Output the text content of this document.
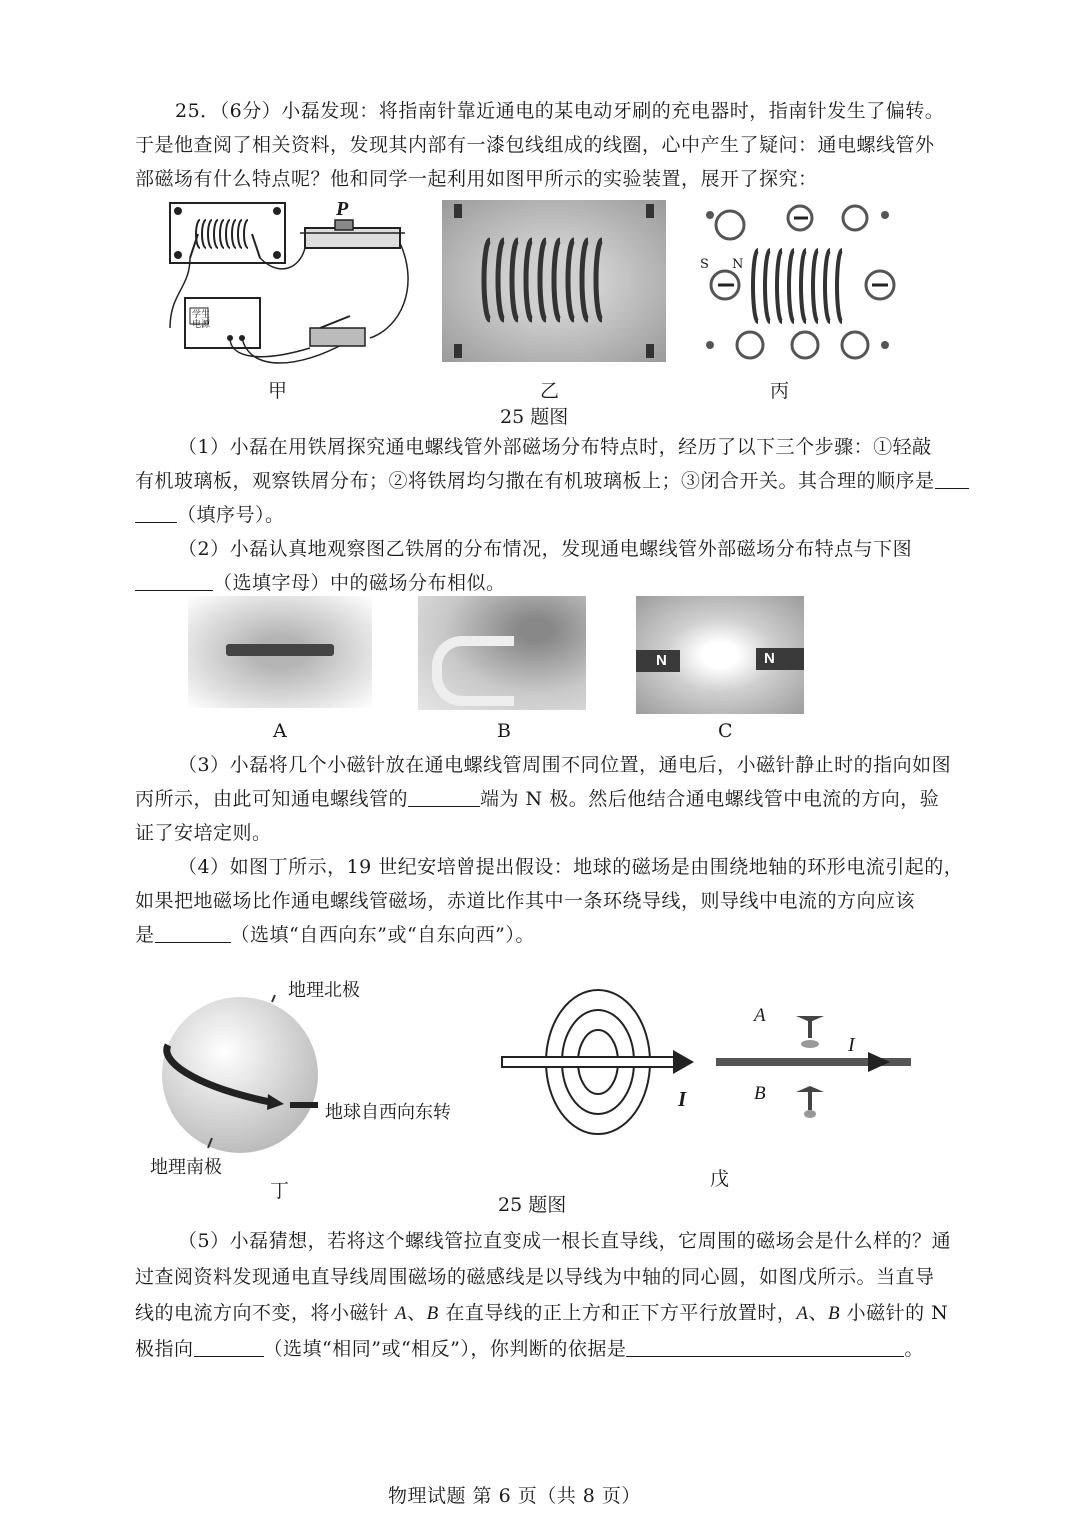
25．（6分）小磊发现：将指南针靠近通电的某电动牙刷的充电器时，指南针发生了偏转。
于是他查阅了相关资料，发现其内部有一漆包线组成的线圈，心中产生了疑问：通电螺线管外
部磁场有什么特点呢？他和同学一起利用如图甲所示的实验装置，展开了探究：
P
学生
电源
S N
甲	乙	丙
25 题图
（1）小磊在用铁屑探究通电螺线管外部磁场分布特点时，经历了以下三个步骤：①轻敲
有机玻璃板，观察铁屑分布；②将铁屑均匀撒在有机玻璃板上；③闭合开关。其合理的顺序是
（填序号）。
（2）小磊认真地观察图乙铁屑的分布情况，发现通电螺线管外部磁场分布特点与下图
（选填字母）中的磁场分布相似。
N	N
A	B	C
（3）小磊将几个小磁针放在通电螺线管周围不同位置，通电后，小磁针静止时的指向如图
丙所示，由此可知通电螺线管的	端为 N 极。然后他结合通电螺线管中电流的方向，验
证了安培定则。
（4）如图丁所示，19 世纪安培曾提出假设：地球的磁场是由围绕地轴的环形电流引起的，
如果把地磁场比作通电螺线管磁场，赤道比作其中一条环绕导线，则导线中电流的方向应该
是	（选填“自西向东”或“自东向西”）。
地理北极
地球自西向东转
地理南极
I
I
A
B
丁
戊
25 题图
（5）小磊猜想，若将这个螺线管拉直变成一根长直导线，它周围的磁场会是什么样的？通
过查阅资料发现通电直导线周围磁场的磁感线是以导线为中轴的同心圆，如图戊所示。当直导
线的电流方向不变，将小磁针 A、B 在直导线的正上方和正下方平行放置时，A、B 小磁针的 N
极指向	（选填“相同”或“相反”），你判断的依据是	。
物理试题 第 6 页（共 8 页）
